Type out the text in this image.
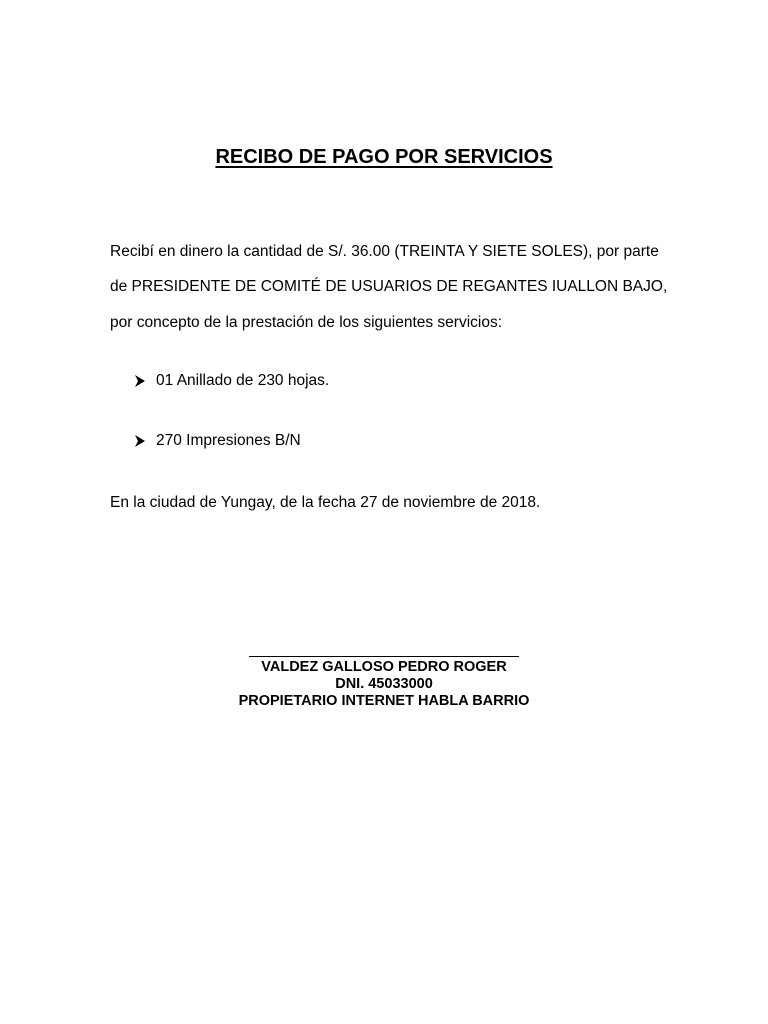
RECIBO DE PAGO POR SERVICIOS
Recibí en dinero la cantidad de S/. 36.00 (TREINTA Y SIETE SOLES), por parte
de PRESIDENTE DE COMITÉ DE USUARIOS DE REGANTES IUALLON BAJO,
por concepto de la prestación de los siguientes servicios:
01 Anillado de 230 hojas.
270 Impresiones B/N
En la ciudad de Yungay, de la fecha 27 de noviembre de 2018.
VALDEZ GALLOSO PEDRO ROGER
DNI. 45033000
PROPIETARIO INTERNET HABLA BARRIO
